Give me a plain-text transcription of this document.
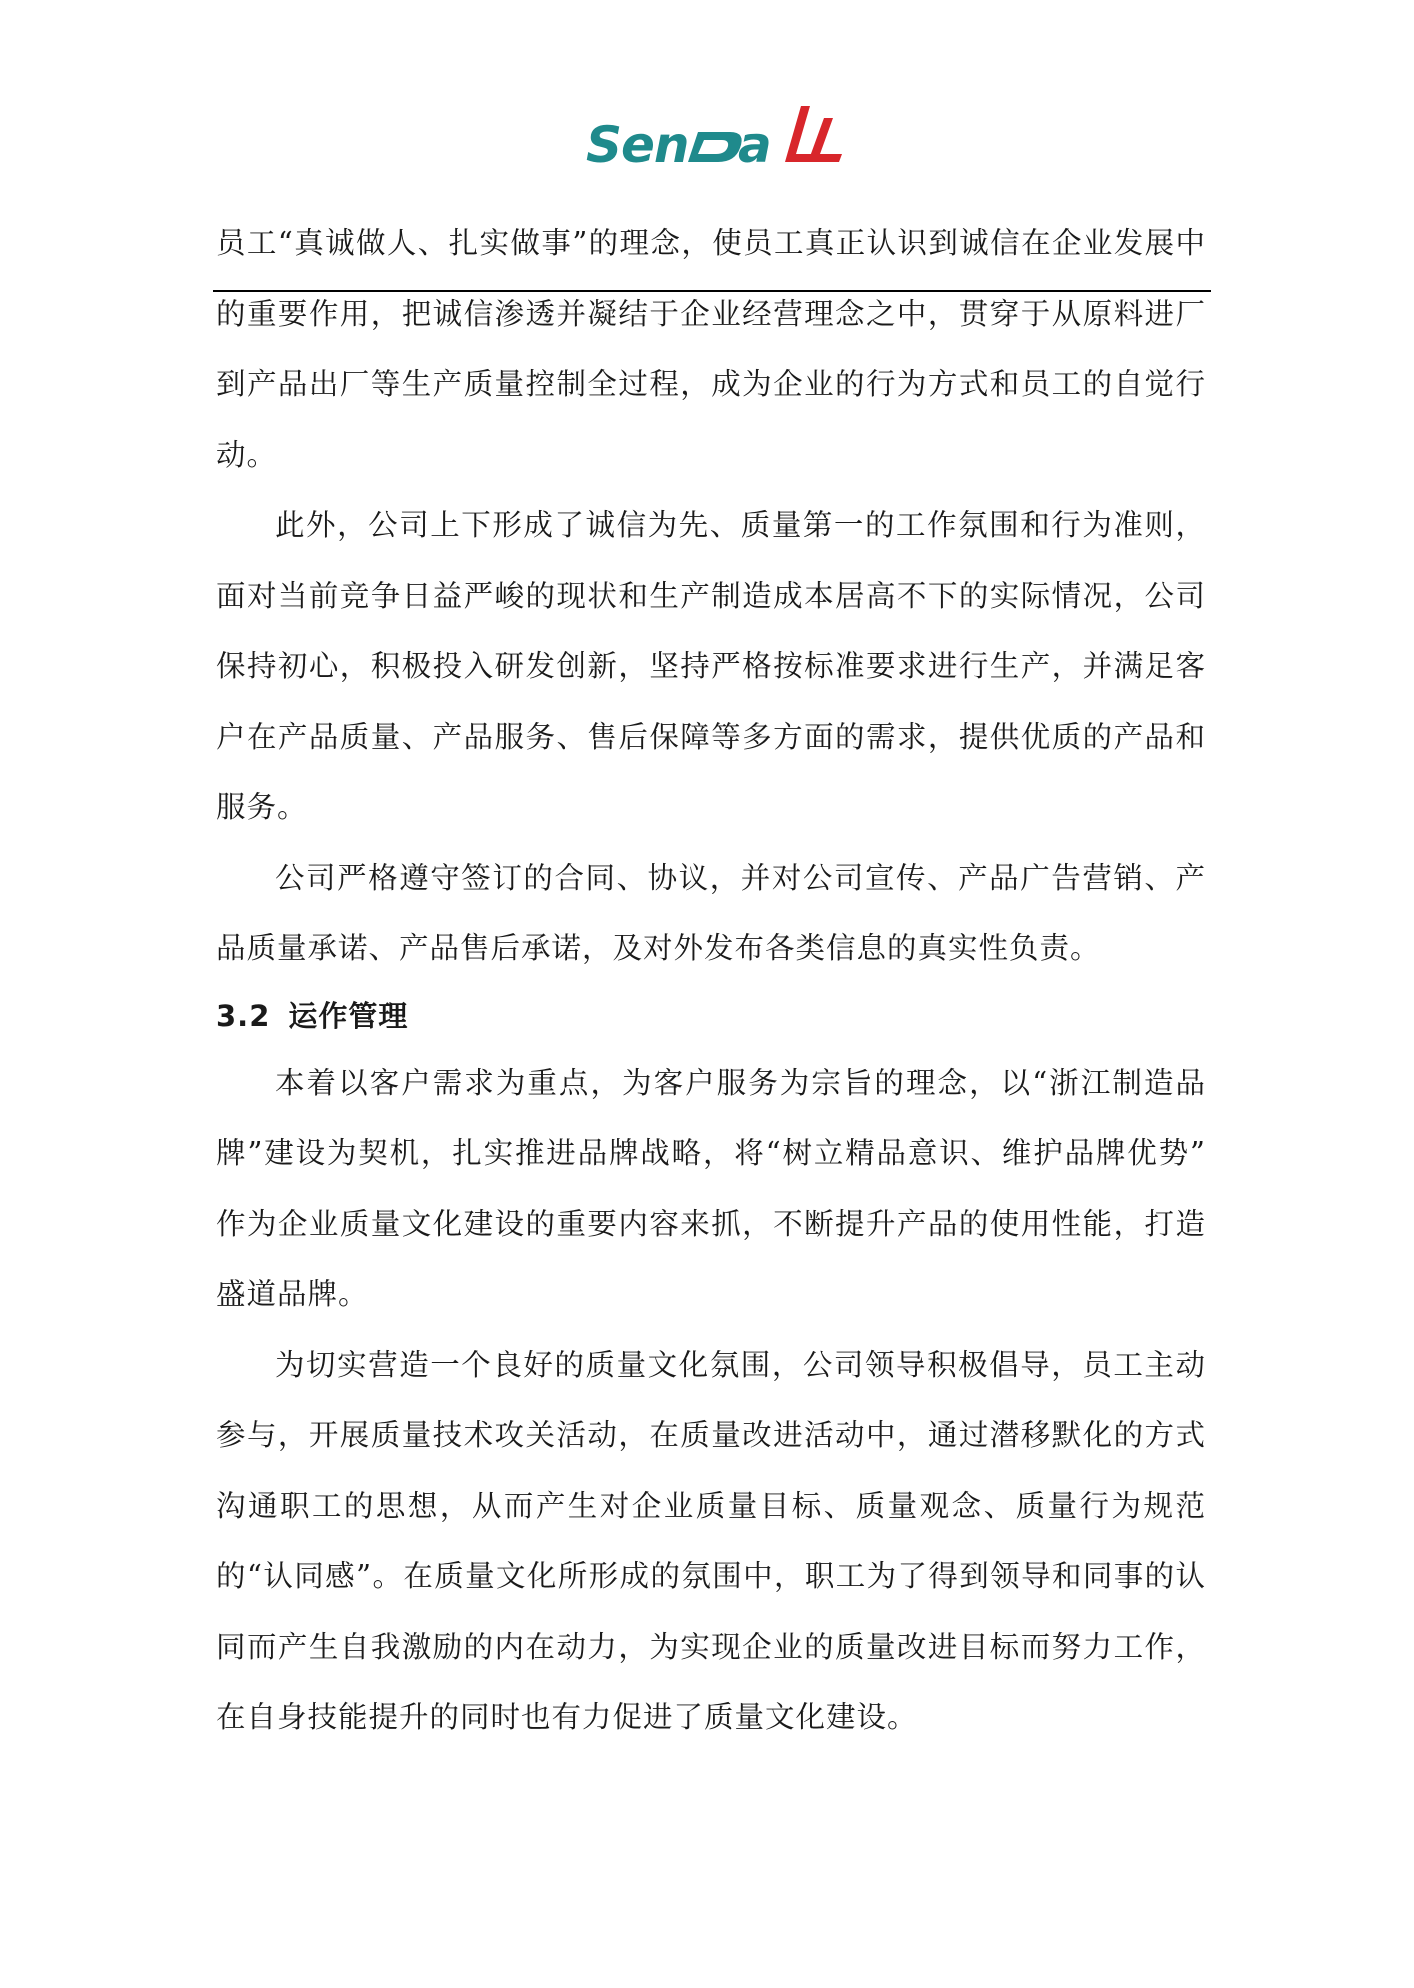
Sen a

员工“真诚做人、扎实做事”的理念，使员工真正认识到诚信在企业发展中的重要作用，把诚信渗透并凝结于企业经营理念之中，贯穿于从原料进厂到产品出厂等生产质量控制全过程，成为企业的行为方式和员工的自觉行动。

此外，公司上下形成了诚信为先、质量第一的工作氛围和行为准则，面对当前竞争日益严峻的现状和生产制造成本居高不下的实际情况，公司保持初心，积极投入研发创新，坚持严格按标准要求进行生产，并满足客户在产品质量、产品服务、售后保障等多方面的需求，提供优质的产品和服务。

公司严格遵守签订的合同、协议，并对公司宣传、产品广告营销、产品质量承诺、产品售后承诺，及对外发布各类信息的真实性负责。

3.2 运作管理

本着以客户需求为重点，为客户服务为宗旨的理念，以“浙江制造品牌”建设为契机，扎实推进品牌战略，将“树立精品意识、维护品牌优势” 作为企业质量文化建设的重要内容来抓，不断提升产品的使用性能，打造盛道品牌。

为切实营造一个良好的质量文化氛围，公司领导积极倡导，员工主动参与，开展质量技术攻关活动，在质量改进活动中，通过潜移默化的方式沟通职工的思想，从而产生对企业质量目标、质量观念、质量行为规范的“认同感”。在质量文化所形成的氛围中，职工为了得到领导和同事的认同而产生自我激励的内在动力，为实现企业的质量改进目标而努力工作，在自身技能提升的同时也有力促进了质量文化建设。
